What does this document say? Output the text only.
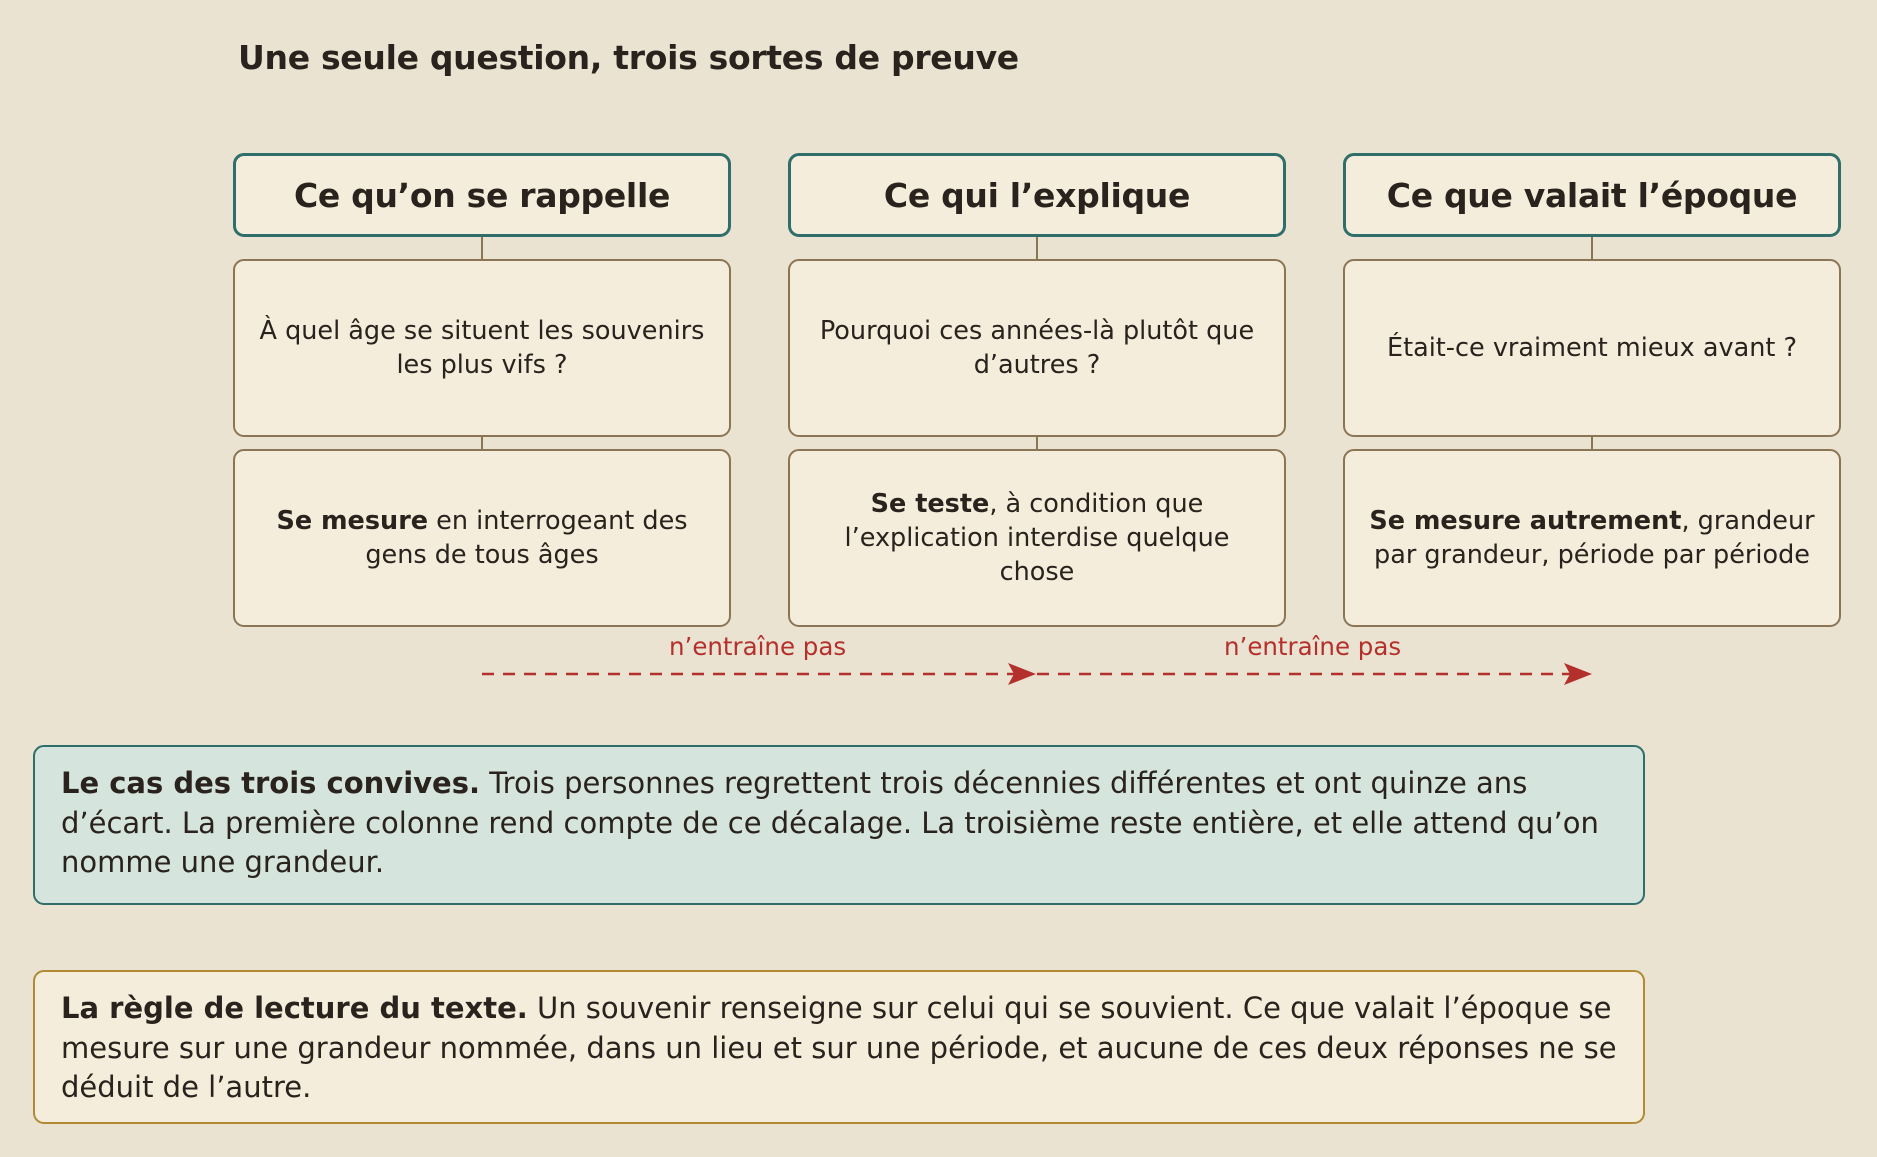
Une seule question, trois sortes de preuve
Ce qu’on se rappelle
À quel âge se situent les souvenirs les plus vifs ?
Se mesure en interrogeant des gens de tous âges
Ce qui l’explique
Pourquoi ces années-là plutôt que d’autres ?
Se teste, à condition que l’explication interdise quelque chose
Ce que valait l’époque
Était-ce vraiment mieux avant ?
Se mesure autrement, grandeur par grandeur, période par période
n’entraîne pas	n’entraîne pas
Le cas des trois convives. Trois personnes regrettent trois décennies différentes et ont quinze ans d’écart. La première colonne rend compte de ce décalage. La troisième reste entière, et elle attend qu’on nomme une grandeur.
La règle de lecture du texte. Un souvenir renseigne sur celui qui se souvient. Ce que valait l’époque se mesure sur une grandeur nommée, dans un lieu et sur une période, et aucune de ces deux réponses ne se déduit de l’autre.
